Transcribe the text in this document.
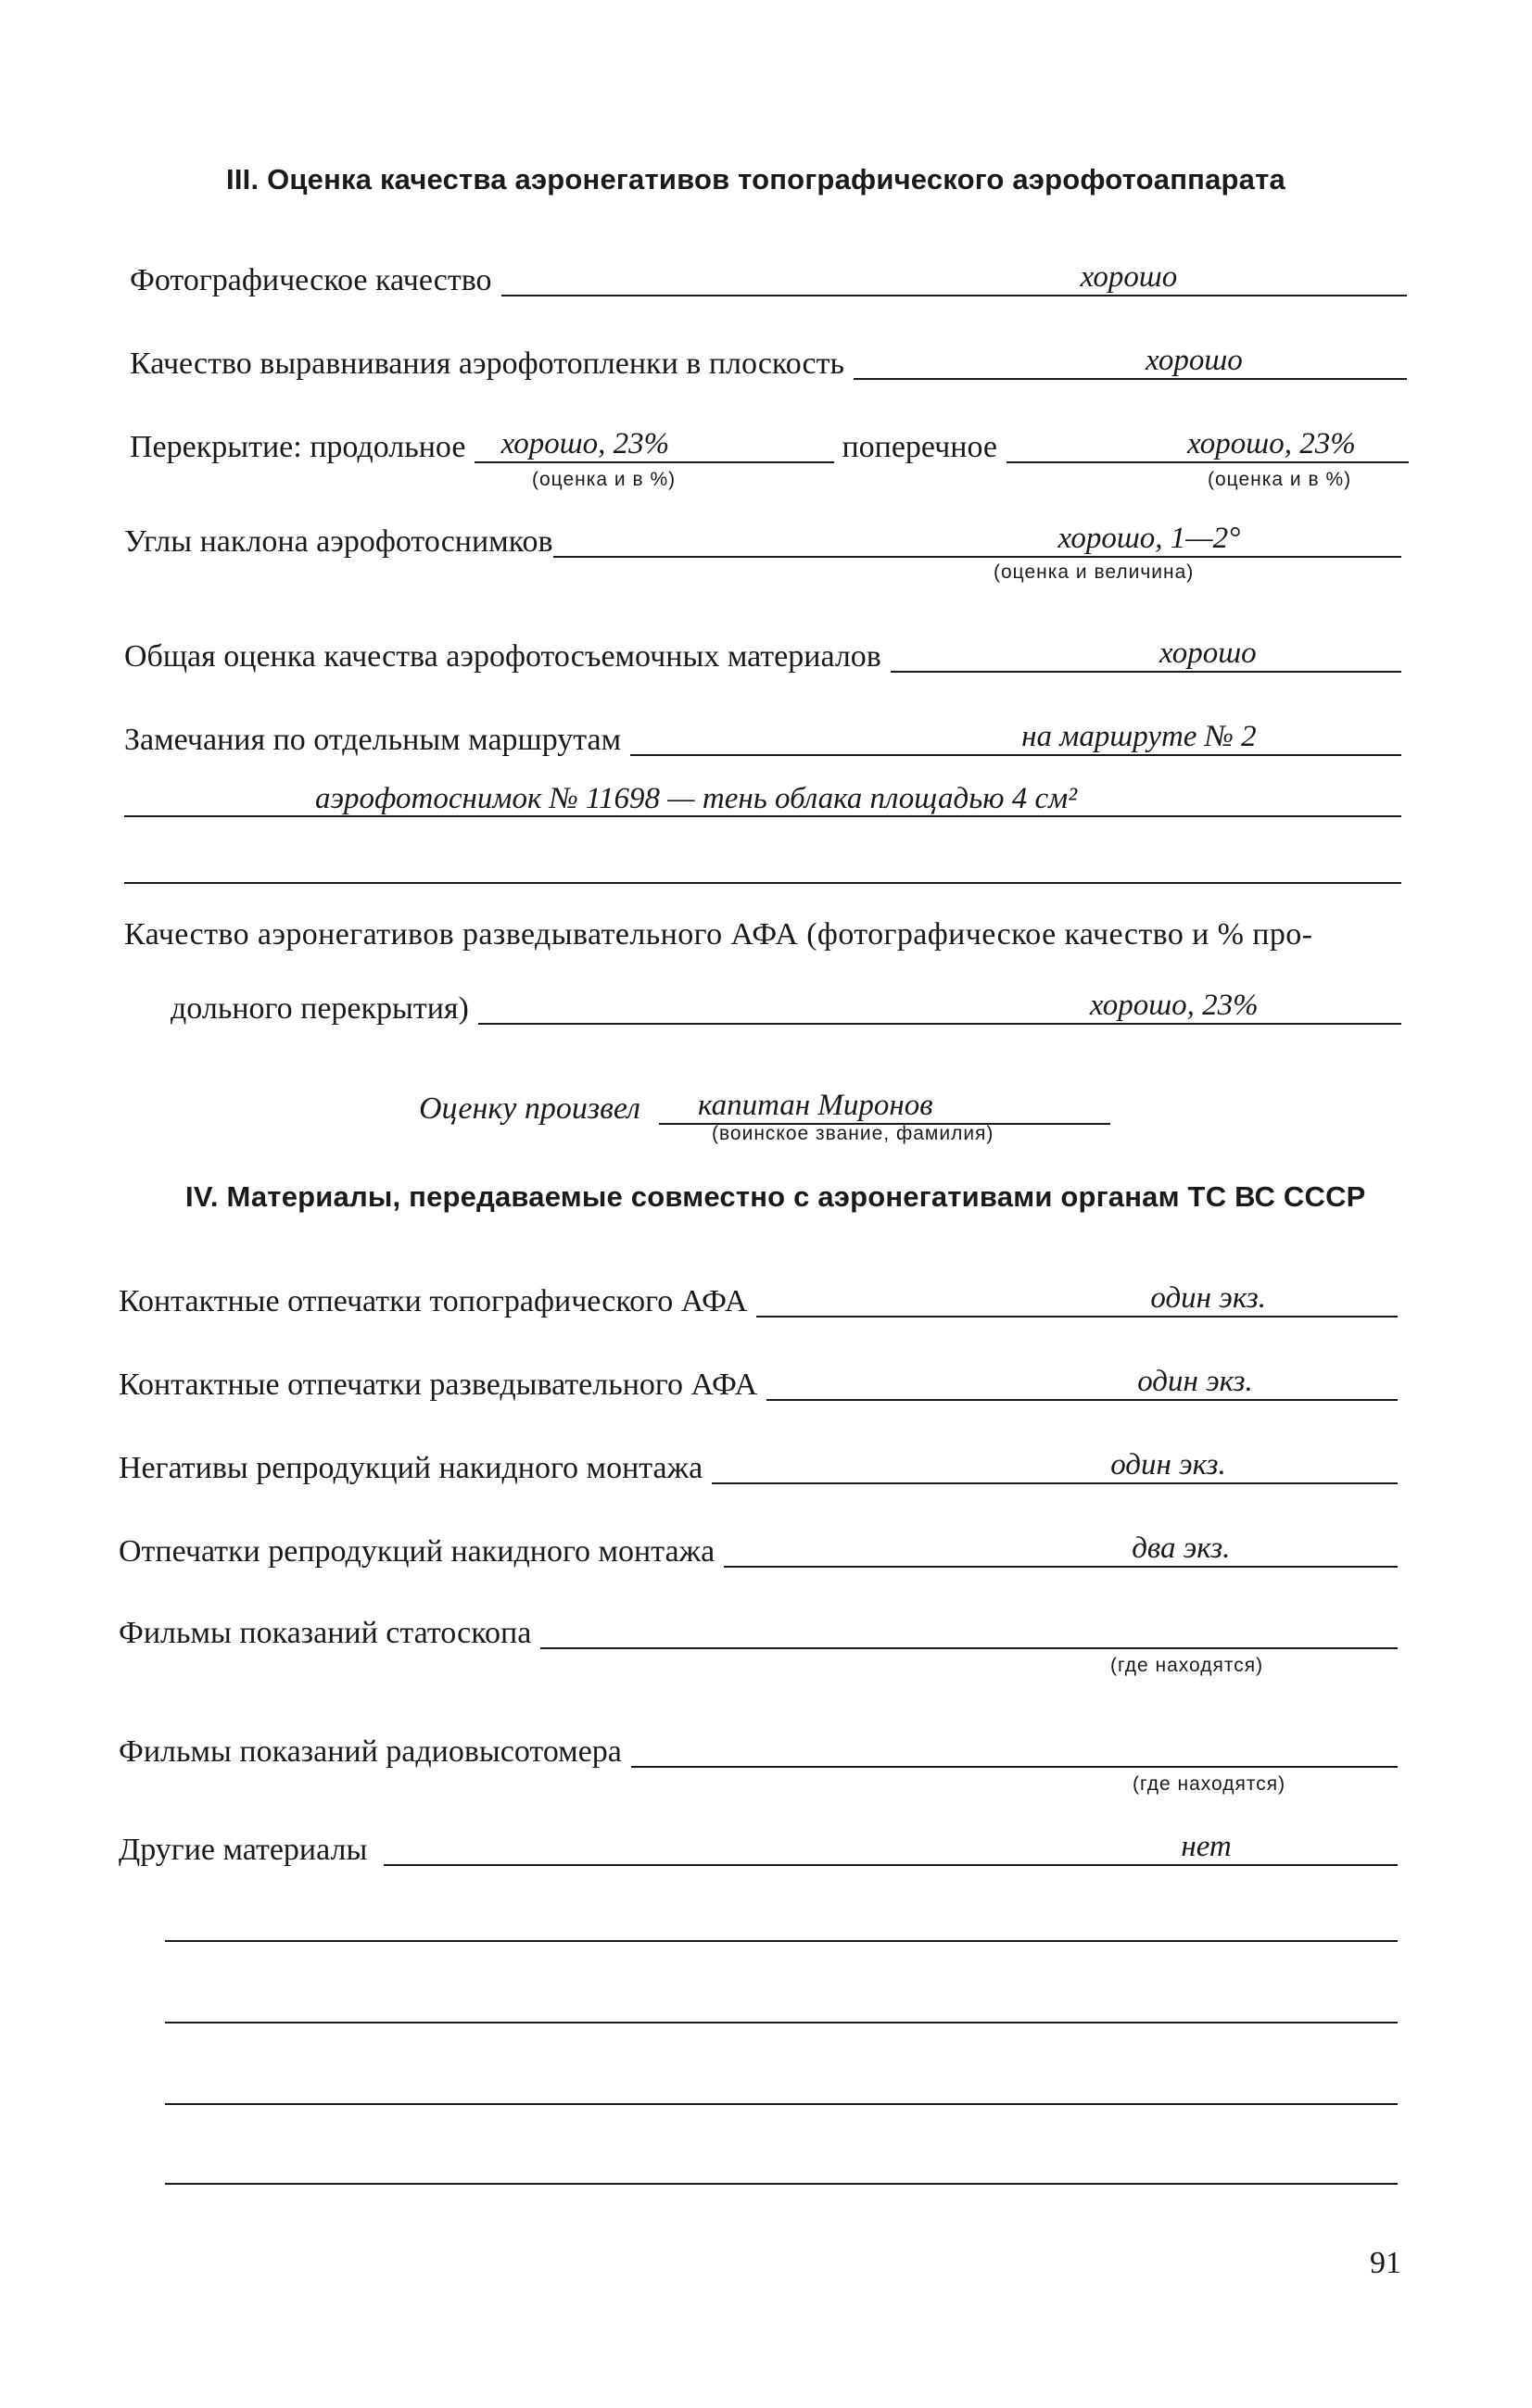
III. Оценка качества аэронегативов топографического аэрофотоаппарата
Фотографическое качество	хорошо
Качество выравнивания аэрофотопленки в плоскость	хорошо
Перекрытие: продольное	хорошо, 23%	поперечное	хорошо, 23%
(оценка и в %)	(оценка и в %)
Углы наклона аэрофотоснимков	хорошо, 1—2°
(оценка и величина)
Общая оценка качества аэрофотосъемочных материалов	хорошо
Замечания по отдельным маршрутам	на маршруте № 2
аэрофотоснимок № 11698 — тень облака площадью 4 см²
Качество аэронегативов разведывательного АФА (фотографическое качество и % про-
дольного перекрытия)	хорошо, 23%
Оценку произвел	капитан Миронов
(воинское звание, фамилия)
IV. Материалы, передаваемые совместно с аэронегативами органам ТС ВС СССР
Контактные отпечатки топографического АФА	один экз.
Контактные отпечатки разведывательного АФА	один экз.
Негативы репродукций накидного монтажа	один экз.
Отпечатки репродукций накидного монтажа	два экз.
Фильмы показаний статоскопа
(где находятся)
Фильмы показаний радиовысотомера
(где находятся)
Другие материалы	нет
91
